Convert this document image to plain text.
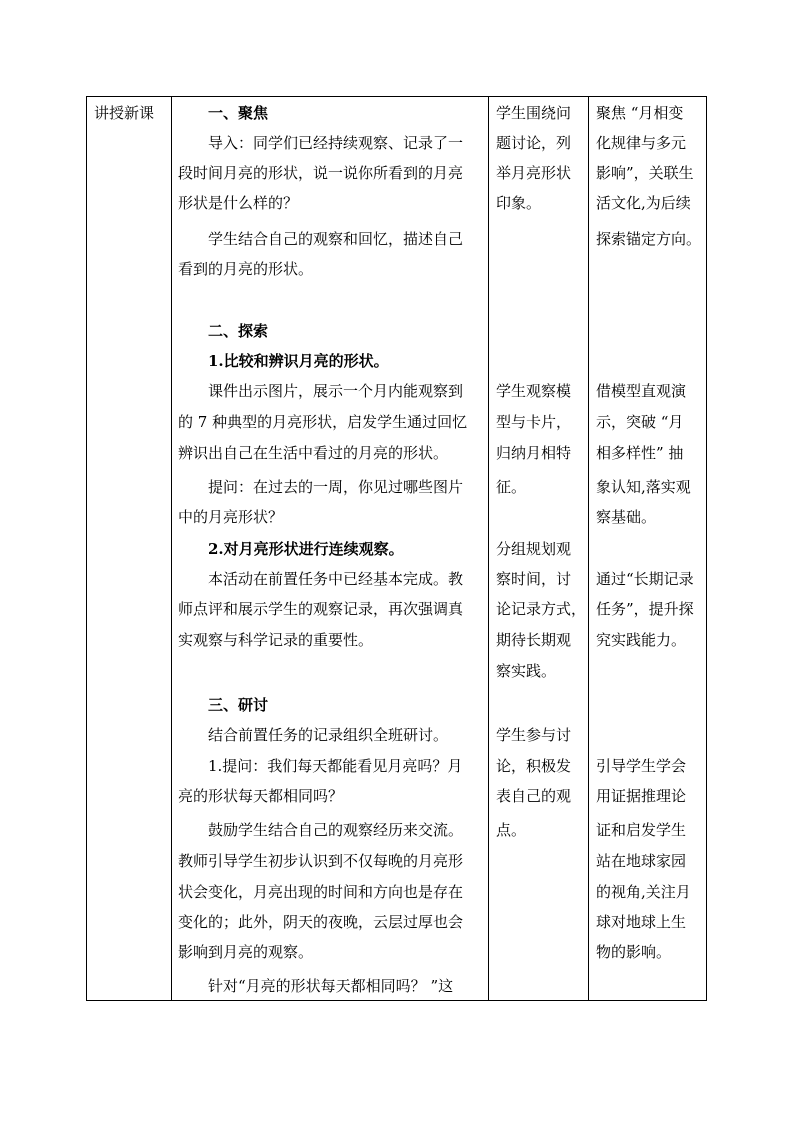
讲授新课	一、聚焦
导入：同学们已经持续观察、记录了一
段时间月亮的形状，说一说你所看到的月亮
形状是什么样的？
学生结合自己的观察和回忆，描述自己
看到的月亮的形状。
二、探索
1.比较和辨识月亮的形状。
课件出示图片，展示一个月内能观察到
的 7 种典型的月亮形状，启发学生通过回忆
辨识出自己在生活中看过的月亮的形状。
提问：在过去的一周，你见过哪些图片
中的月亮形状？
2.对月亮形状进行连续观察。
本活动在前置任务中已经基本完成。教
师点评和展示学生的观察记录，再次强调真
实观察与科学记录的重要性。
三、研讨
结合前置任务的记录组织全班研讨。
1.提问：我们每天都能看见月亮吗？月
亮的形状每天都相同吗？
鼓励学生结合自己的观察经历来交流。
教师引导学生初步认识到不仅每晚的月亮形
状会变化，月亮出现的时间和方向也是存在
变化的；此外，阴天的夜晚，云层过厚也会
影响到月亮的观察。
针对“月亮的形状每天都相同吗？ ”这
学生围绕问
题讨论，列
举月亮形状
印象。
学生观察模
型与卡片，
归纳月相特
征。
分组规划观
察时间，讨
论记录方式，
期待长期观
察实践。
学生参与讨
论，积极发
表自己的观
点。
聚焦 “月相变
化规律与多元
影响”，关联生
活文化,为后续
探索锚定方向。
借模型直观演
示，突破 “月
相多样性” 抽
象认知,落实观
察基础。
通过“长期记录
任务”，提升探
究实践能力。
引导学生学会
用证据推理论
证和启发学生
站在地球家园
的视角,关注月
球对地球上生
物的影响。
